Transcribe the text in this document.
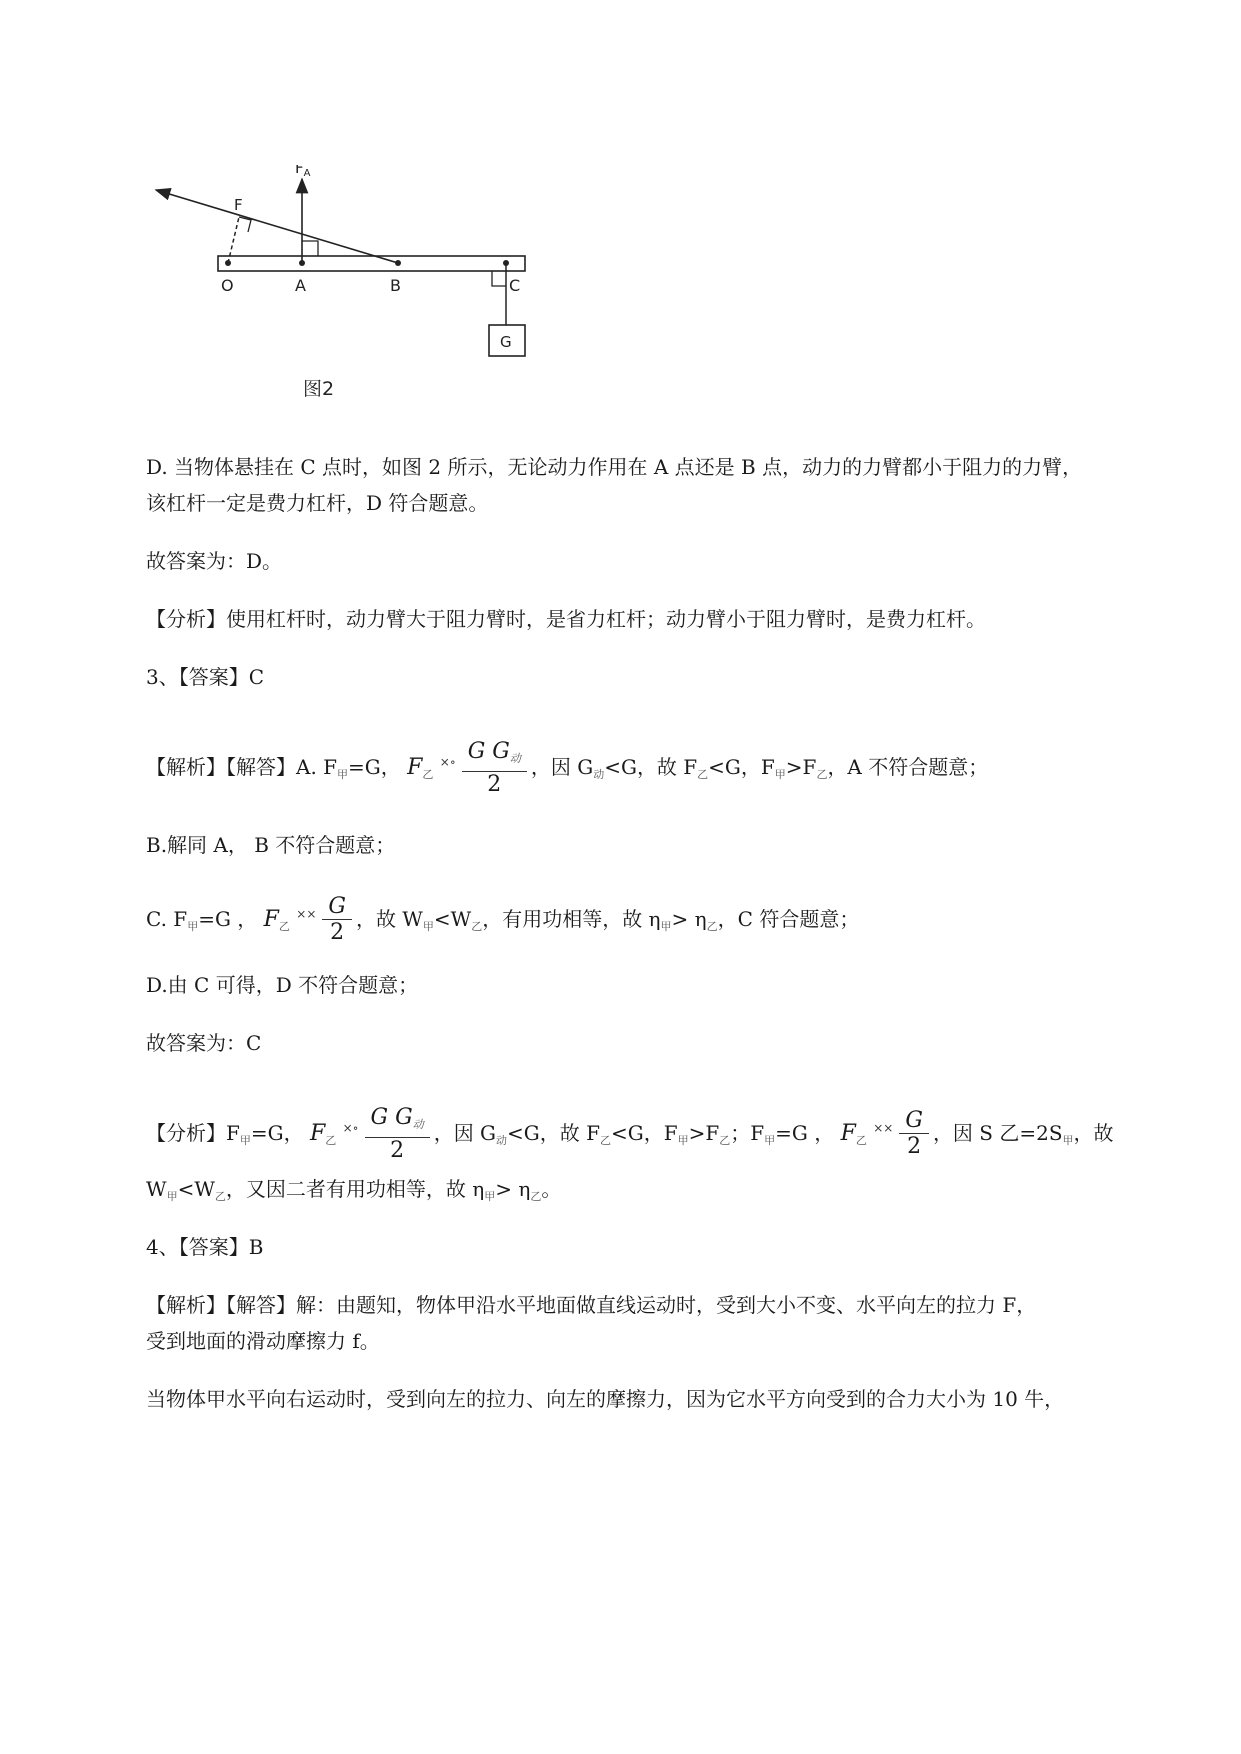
$F_A$
F
O	A	B	C
G
图2
D. 当物体悬挂在 C 点时，如图 2 所示，无论动力作用在 A 点还是 B 点，动力的力臂都小于阻力的力臂，
该杠杆一定是费力杠杆，D 符合题意。
故答案为：D。
【分析】使用杠杆时，动力臂大于阻力臂时，是省力杠杆；动力臂小于阻力臂时，是费力杠杆。
3、【答案】C
【解析】【解答】A. $F_甲=G$， $F_乙$ $^{\times\circ} \frac{G G_动}{2}$ ，因 $G_动<G$，故 $F_乙<G$，$F_甲>F_乙$，A 不符合题意；
B.解同 A， B 不符合题意；
C. $F_甲=G$ ， $F_乙$ $^{\times\times} \frac{G}{2}$ ，故 $W_甲<W_乙$，有用功相等，故 $\eta_甲> \eta_乙$，C 符合题意；
D.由 C 可得，D 不符合题意；
故答案为：C
【分析】$F_甲=G$， $F_乙$ $^{\times\circ} \frac{G G_动}{2}$ ，因 $G_动<G$，故 $F_乙<G$，$F_甲>F_乙$；$F_甲=G$ ， $F_乙$ $^{\times\times} \frac{G}{2}$ ，因 S 乙$=2S_甲$，故
$W_甲<W_乙$，又因二者有用功相等，故 $\eta_甲> \eta_乙$。
4、【答案】B
【解析】【解答】解：由题知，物体甲沿水平地面做直线运动时，受到大小不变、水平向左的拉力 F，
受到地面的滑动摩擦力 f。
当物体甲水平向右运动时，受到向左的拉力、向左的摩擦力，因为它水平方向受到的合力大小为 10 牛，
